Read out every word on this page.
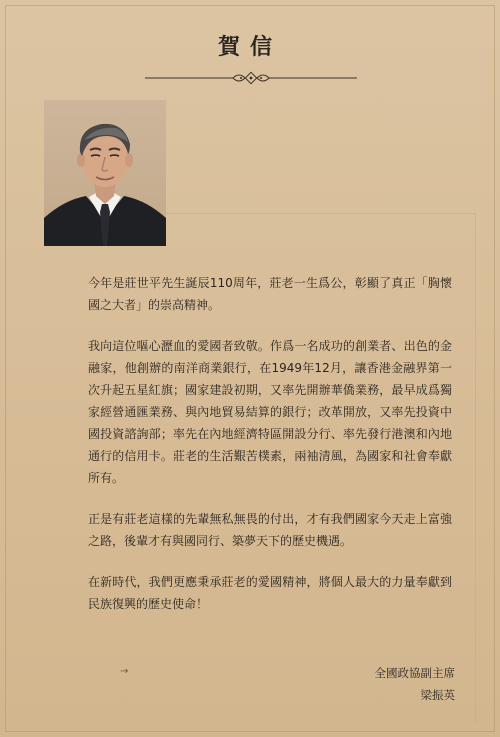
賀信

今年是莊世平先生誕辰110周年，莊老一生爲公，彰顯了真正「胸懷國之大者」的崇高精神。

我向這位嘔心瀝血的愛國者致敬。作爲一名成功的創業者、出色的金融家，他創辦的南洋商業銀行，在1949年12月，讓香港金融界第一次升起五星紅旗；國家建設初期，又率先開辦華僑業務，最早成爲獨家經營通匯業務、與內地貿易結算的銀行；改革開放，又率先投資中國投資諮詢部；率先在內地經濟特區開設分行、率先發行港澳和內地通行的信用卡。莊老的生活艱苦樸素，兩袖清風，為國家和社會奉獻所有。

正是有莊老這樣的先輩無私無畏的付出，才有我們國家今天走上富強之路，後輩才有與國同行、築夢天下的歷史機遇。

在新時代，我們更應秉承莊老的愛國精神，將個人最大的力量奉獻到民族復興的歷史使命！

→	全國政協副主席
梁振英
